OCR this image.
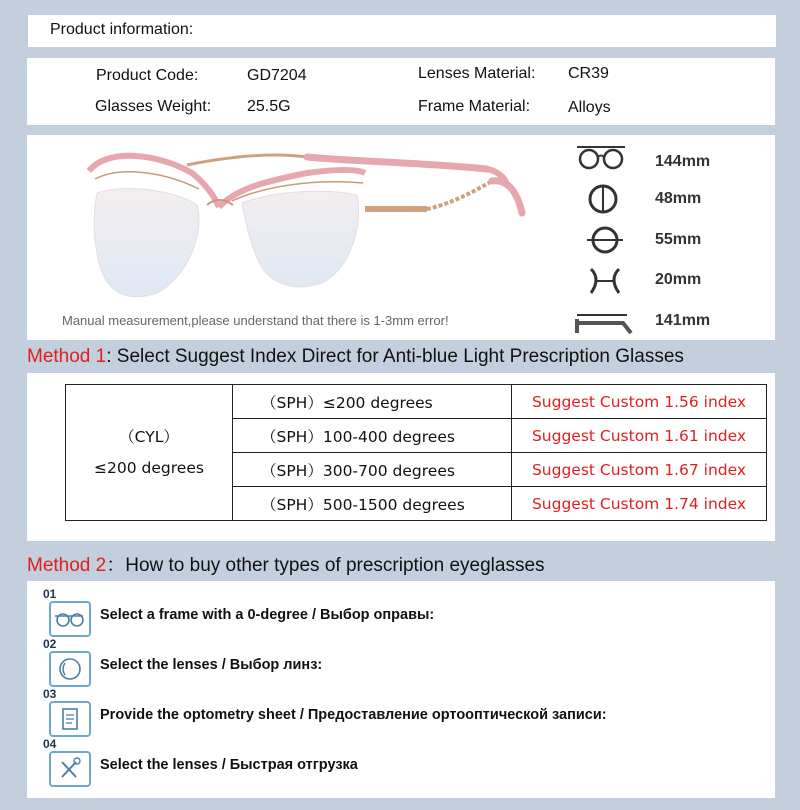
Product information:
Product Code:	GD7204
Glasses Weight: 25.5G
Lenses Material: CR39
Frame Material: Alloys
Manual measurement,please understand that there is 1-3mm error!
144mm
48mm
55mm
20mm
141mm
Method 1: Select Suggest Index Direct for Anti-blue Light Prescription Glasses
（CYL）
≤200 degrees	（SPH）≤200 degrees	Suggest Custom 1.56 index
	（SPH）100-400 degrees	Suggest Custom 1.61 index
	（SPH）300-700 degrees	Suggest Custom 1.67 index
	（SPH）500-1500 degrees	Suggest Custom 1.74 index
Method 2：How to buy other types of prescription eyeglasses
01
Select a frame with a 0-degree / Выбор оправы:
02
Select the lenses / Выбор линз:
03
Provide the optometry sheet / Предоставление ортооптической записи:
04
Select the lenses / Быстрая отгрузка
